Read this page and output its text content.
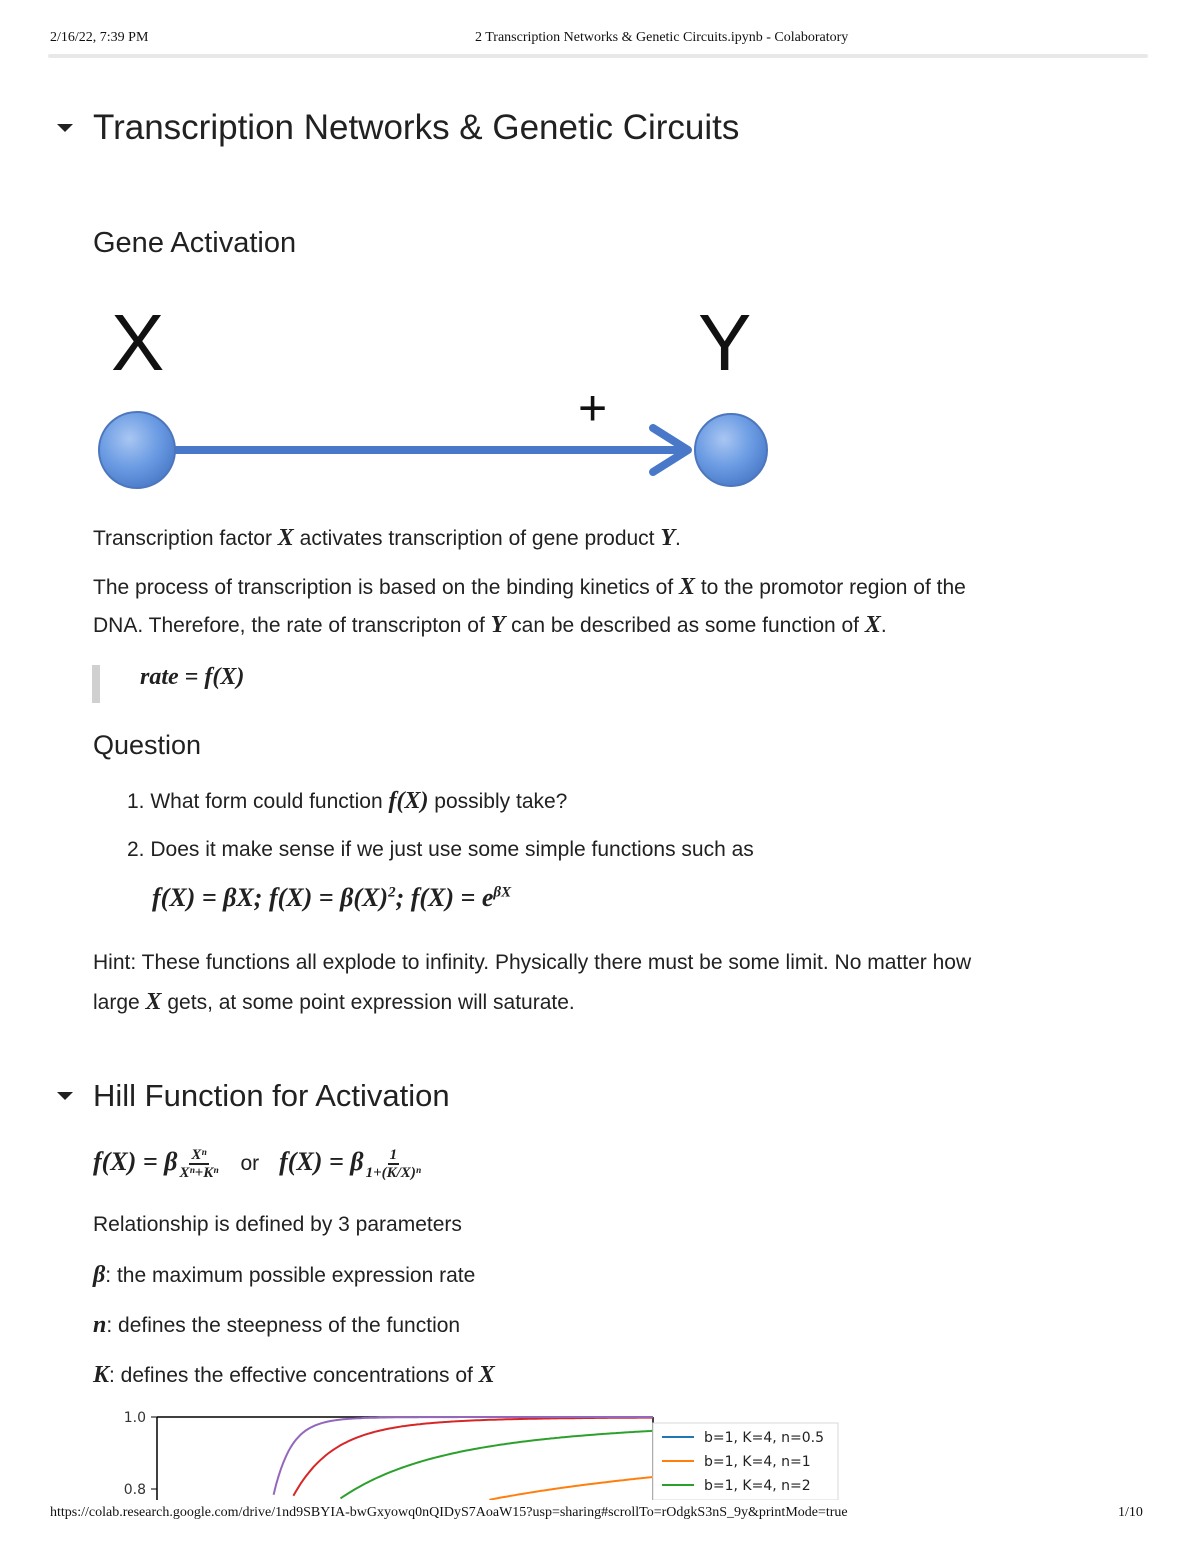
2/16/22, 7:39 PM	2 Transcription Networks & Genetic Circuits.ipynb - Colaboratory
Transcription Networks & Genetic Circuits
Gene Activation
X	Y
+
Transcription factor X activates transcription of gene product Y.
The process of transcription is based on the binding kinetics of X to the promotor region of the
DNA. Therefore, the rate of transcripton of Y can be described as some function of X.
rate = f(X)
Question
1. What form could function f(X) possibly take?
2. Does it make sense if we just use some simple functions such as
f(X) = βX; $f(X) = \beta(X)^2$; $f(X) = e^{\beta X}$
Hint: These functions all explode to infinity. Physically there must be some limit. No matter how
large X gets, at some point expression will saturate.
Hill Function for Activation
f(X) = β $\frac{\text{Xⁿ}}{\text{Xⁿ+Kⁿ}}$ or f(X) = β $\frac{1}{\text{1+(K/X)ⁿ}}$
Relationship is defined by 3 parameters
β: the maximum possible expression rate
n: defines the steepness of the function
K: defines the effective concentrations of X
1.0
0.8
b=1, K=4, n=0.5
b=1, K=4, n=1
b=1, K=4, n=2
https://colab.research.google.com/drive/1nd9SBYIA-bwGxyowq0nQIDyS7AoaW15?usp=sharing#scrollTo=rOdgkS3nS_9y&printMode=true	1/10
